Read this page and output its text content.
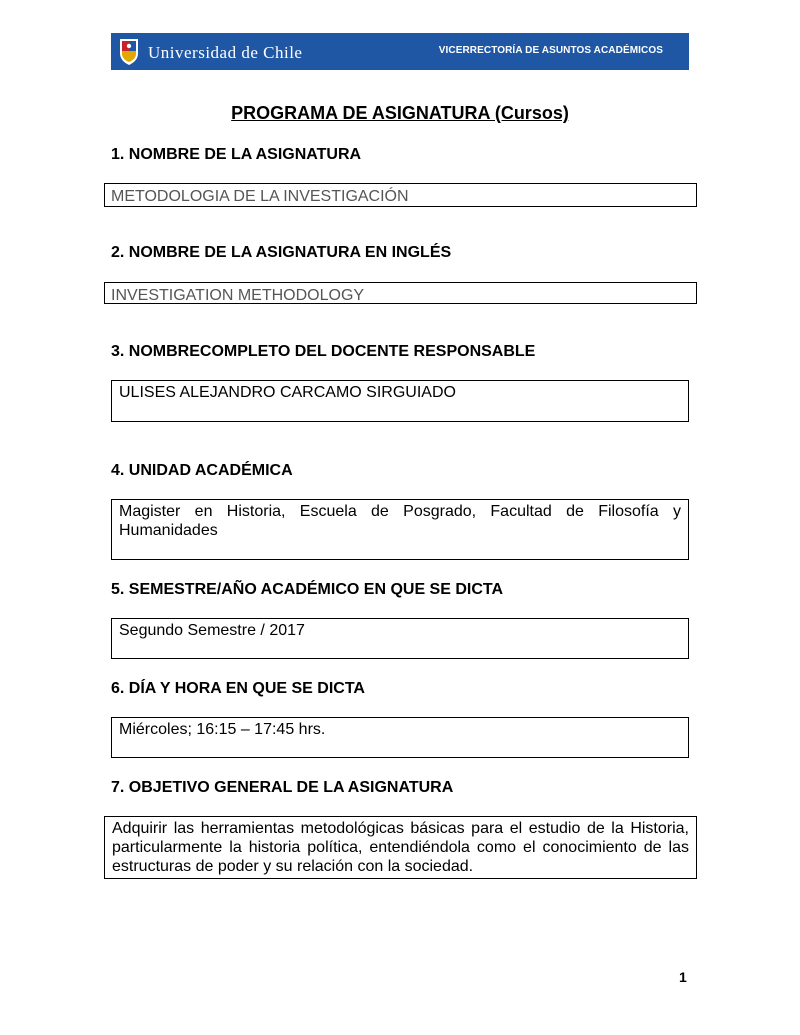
Universidad de Chile	VICERRECTORÍA DE ASUNTOS ACADÉMICOS
PROGRAMA DE ASIGNATURA (Cursos)
1. NOMBRE DE LA ASIGNATURA
METODOLOGIA DE LA INVESTIGACIÓN
2. NOMBRE DE LA ASIGNATURA EN INGLÉS
INVESTIGATION METHODOLOGY
3. NOMBRECOMPLETO DEL DOCENTE RESPONSABLE
ULISES ALEJANDRO CARCAMO SIRGUIADO
4. UNIDAD ACADÉMICA
Magister en Historia, Escuela de Posgrado, Facultad de Filosofía y Humanidades
5. SEMESTRE/AÑO ACADÉMICO EN QUE SE DICTA
Segundo Semestre / 2017
6. DÍA Y HORA EN QUE SE DICTA
Miércoles; 16:15 – 17:45 hrs.
7. OBJETIVO GENERAL DE LA ASIGNATURA
Adquirir las herramientas metodológicas básicas para el estudio de la Historia, particularmente la historia política, entendiéndola como el conocimiento de las estructuras de poder y su relación con la sociedad.
1
